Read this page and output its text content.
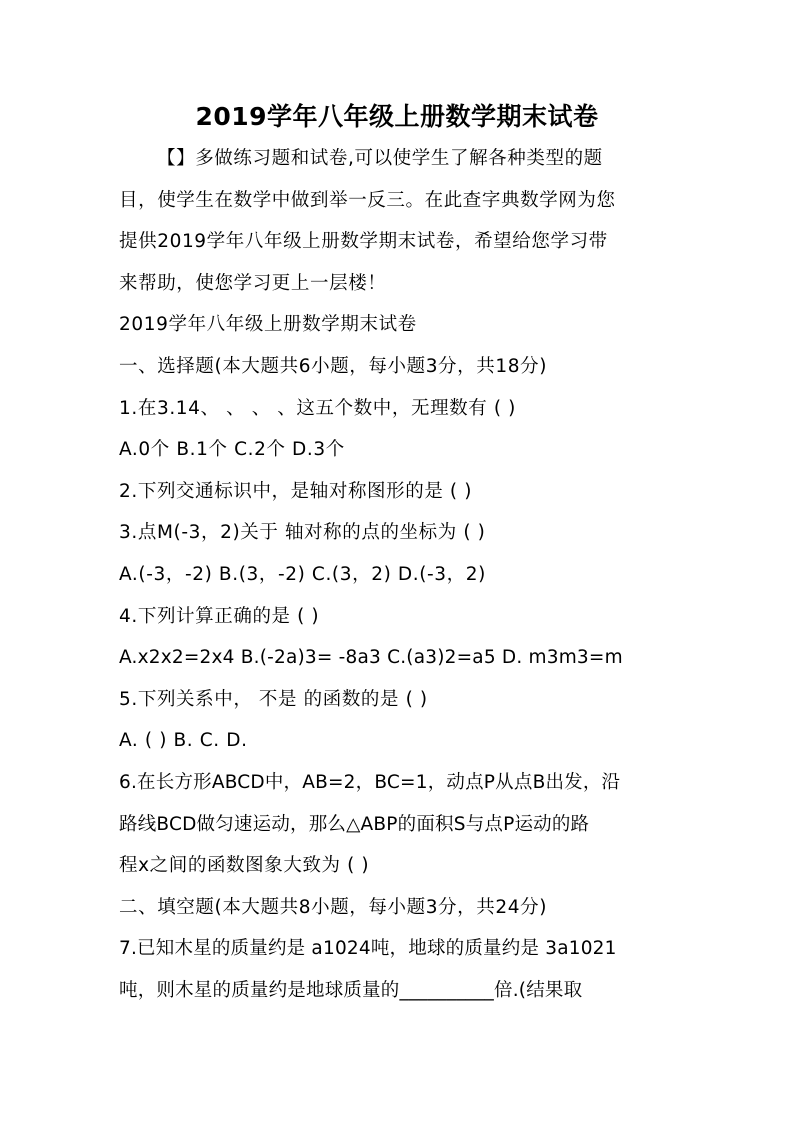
2019学年八年级上册数学期末试卷
【】多做练习题和试卷,可以使学生了解各种类型的题
目，使学生在数学中做到举一反三。在此查字典数学网为您
提供2019学年八年级上册数学期末试卷，希望给您学习带
来帮助，使您学习更上一层楼！
2019学年八年级上册数学期末试卷
一、选择题(本大题共6小题，每小题3分，共18分)
1.在3.14、 、 、 、这五个数中，无理数有 ( )
A.0个 B.1个 C.2个 D.3个
2.下列交通标识中，是轴对称图形的是 ( )
3.点M(-3，2)关于 轴对称的点的坐标为 ( )
A.(-3，-2) B.(3，-2) C.(3，2) D.(-3，2)
4.下列计算正确的是 ( )
A.x2x2=2x4 B.(-2a)3= -8a3 C.(a3)2=a5 D. m3m3=m
5.下列关系中， 不是 的函数的是 ( )
A. ( ) B. C. D.
6.在长方形ABCD中，AB=2，BC=1，动点P从点B出发，沿
路线BCD做匀速运动，那么△ABP的面积S与点P运动的路
程x之间的函数图象大致为 ( )
二、填空题(本大题共8小题，每小题3分，共24分)
7.已知木星的质量约是 a1024吨，地球的质量约是 3a1021
吨，则木星的质量约是地球质量的__________倍.(结果取
